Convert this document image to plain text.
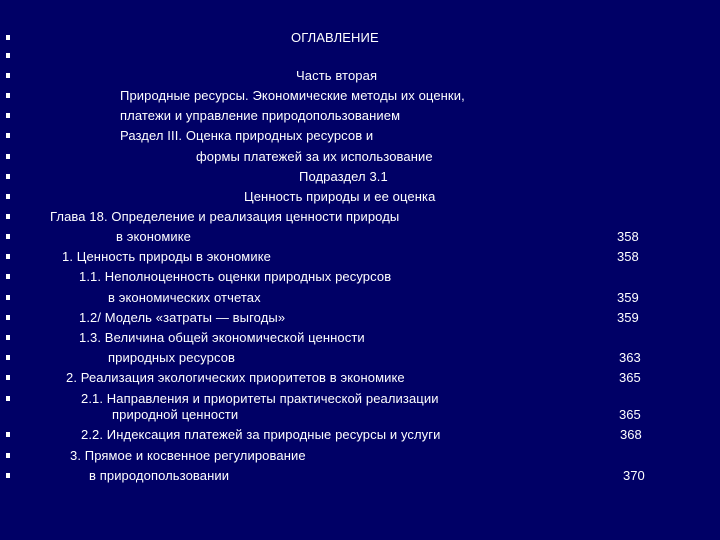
ОГЛАВЛЕНИЕ
Часть вторая
Природные ресурсы. Экономические методы их оценки,
платежи и управление природопользованием
Раздел III. Оценка природных ресурсов и
формы платежей за их использование
Подраздел 3.1
Ценность природы и ее оценка
Глава 18. Определение и реализация ценности природы
в экономике	358
1. Ценность природы в экономике	358
1.1. Неполноценность оценки природных ресурсов
в экономических отчетах	359
1.2/ Модель «затраты — выгоды»	359
1.3. Величина общей экономической ценности
природных ресурсов	363
2. Реализация экологических приоритетов в экономике	365
2.1. Направления и приоритеты практической реализации
природной ценности	365
2.2. Индексация платежей за природные ресурсы и услуги	368
3. Прямое и косвенное регулирование
в природопользовании	370
